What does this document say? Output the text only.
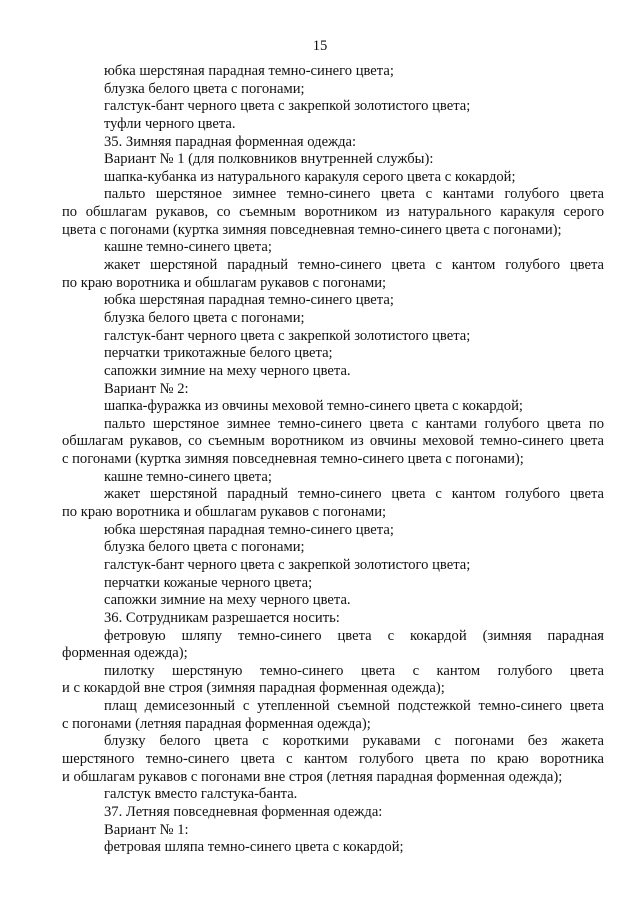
15
юбка шерстяная парадная темно-синего цвета;
блузка белого цвета с погонами;
галстук-бант черного цвета с закрепкой золотистого цвета;
туфли черного цвета.
35. Зимняя парадная форменная одежда:
Вариант № 1 (для полковников внутренней службы):
шапка-кубанка из натурального каракуля серого цвета с кокардой;
пальто шерстяное зимнее темно-синего цвета с кантами голубого цвета
по обшлагам рукавов, со съемным воротником из натурального каракуля серого
цвета с погонами (куртка зимняя повседневная темно-синего цвета с погонами);
кашне темно-синего цвета;
жакет шерстяной парадный темно-синего цвета с кантом голубого цвета
по краю воротника и обшлагам рукавов с погонами;
юбка шерстяная парадная темно-синего цвета;
блузка белого цвета с погонами;
галстук-бант черного цвета с закрепкой золотистого цвета;
перчатки трикотажные белого цвета;
сапожки зимние на меху черного цвета.
Вариант № 2:
шапка-фуражка из овчины меховой темно-синего цвета с кокардой;
пальто шерстяное зимнее темно-синего цвета с кантами голубого цвета по
обшлагам рукавов, со съемным воротником из овчины меховой темно-синего цвета
с погонами (куртка зимняя повседневная темно-синего цвета с погонами);
кашне темно-синего цвета;
жакет шерстяной парадный темно-синего цвета с кантом голубого цвета
по краю воротника и обшлагам рукавов с погонами;
юбка шерстяная парадная темно-синего цвета;
блузка белого цвета с погонами;
галстук-бант черного цвета с закрепкой золотистого цвета;
перчатки кожаные черного цвета;
сапожки зимние на меху черного цвета.
36. Сотрудникам разрешается носить:
фетровую шляпу темно-синего цвета с кокардой (зимняя парадная
форменная одежда);
пилотку шерстяную темно-синего цвета с кантом голубого цвета
и с кокардой вне строя (зимняя парадная форменная одежда);
плащ демисезонный с утепленной съемной подстежкой темно-синего цвета
с погонами (летняя парадная форменная одежда);
блузку белого цвета с короткими рукавами с погонами без жакета
шерстяного темно-синего цвета с кантом голубого цвета по краю воротника
и обшлагам рукавов с погонами вне строя (летняя парадная форменная одежда);
галстук вместо галстука-банта.
37. Летняя повседневная форменная одежда:
Вариант № 1:
фетровая шляпа темно-синего цвета с кокардой;
